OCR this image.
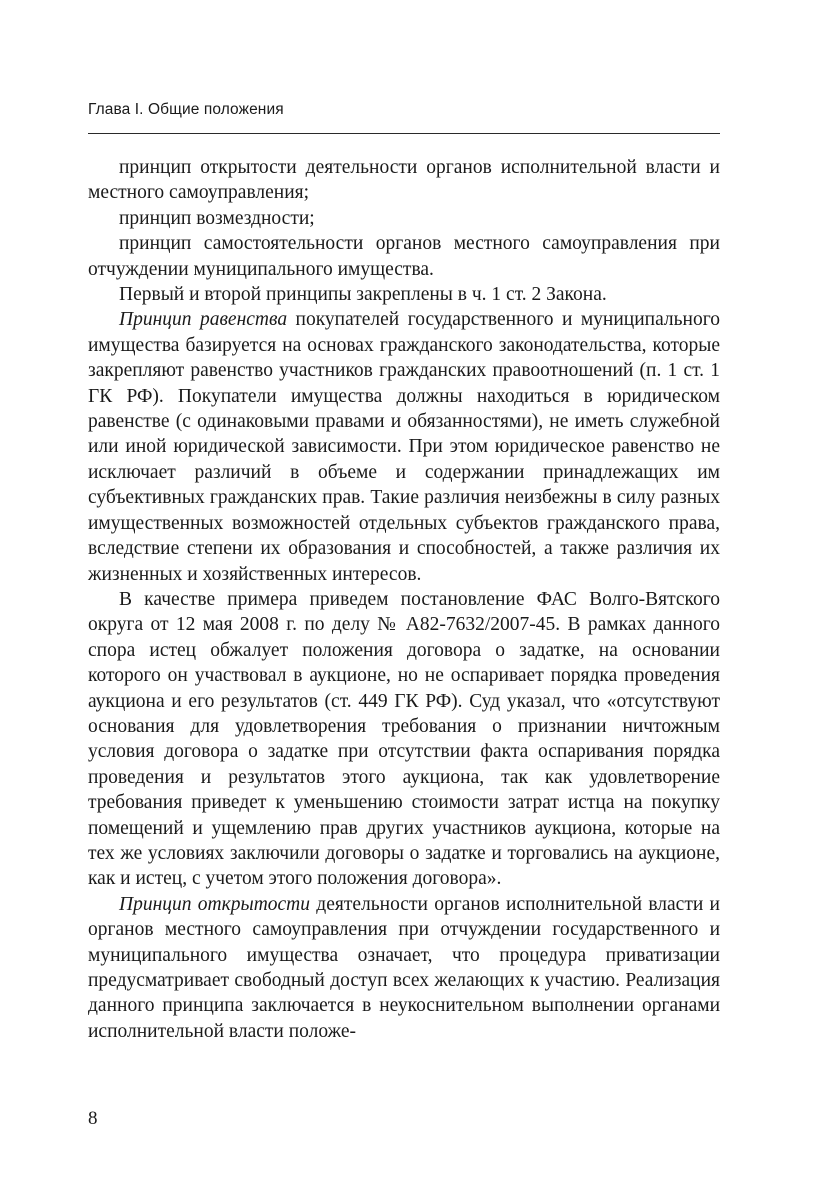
Глава I. Общие положения

принцип открытости деятельности органов исполнительной власти и местного самоуправления;

принцип возмездности;

принцип самостоятельности органов местного самоуправления при отчуждении муниципального имущества.

Первый и второй принципы закреплены в ч. 1 ст. 2 Закона.

Принцип равенства покупателей государственного и муниципального имущества базируется на основах гражданского законодательства, которые закрепляют равенство участников гражданских правоотношений (п. 1 ст. 1 ГК РФ). Покупатели имущества должны находиться в юридическом равенстве (с одинаковыми правами и обязанностями), не иметь служебной или иной юридической зависимости. При этом юридическое равенство не исключает различий в объеме и содержании принадлежащих им субъективных гражданских прав. Такие различия неизбежны в силу разных имущественных возможностей отдельных субъектов гражданского права, вследствие степени их образования и способностей, а также различия их жизненных и хозяйственных интересов.

В качестве примера приведем постановление ФАС Волго-Вятского округа от 12 мая 2008 г. по делу № А82-7632/2007-45. В рамках данного спора истец обжалует положения договора о задатке, на основании которого он участвовал в аукционе, но не оспаривает порядка проведения аукциона и его результатов (ст. 449 ГК РФ). Суд указал, что «отсутствуют основания для удовлетворения требования о признании ничтожным условия договора о задатке при отсутствии факта оспаривания порядка проведения и результатов этого аукциона, так как удовлетворение требования приведет к уменьшению стоимости затрат истца на покупку помещений и ущемлению прав других участников аукциона, которые на тех же условиях заключили договоры о задатке и торговались на аукционе, как и истец, с учетом этого положения договора».

Принцип открытости деятельности органов исполнительной власти и органов местного самоуправления при отчуждении государственного и муниципального имущества означает, что процедура приватизации предусматривает свободный доступ всех желающих к участию. Реализация данного принципа заключается в неукоснительном выполнении органами исполнительной власти положе-

8
